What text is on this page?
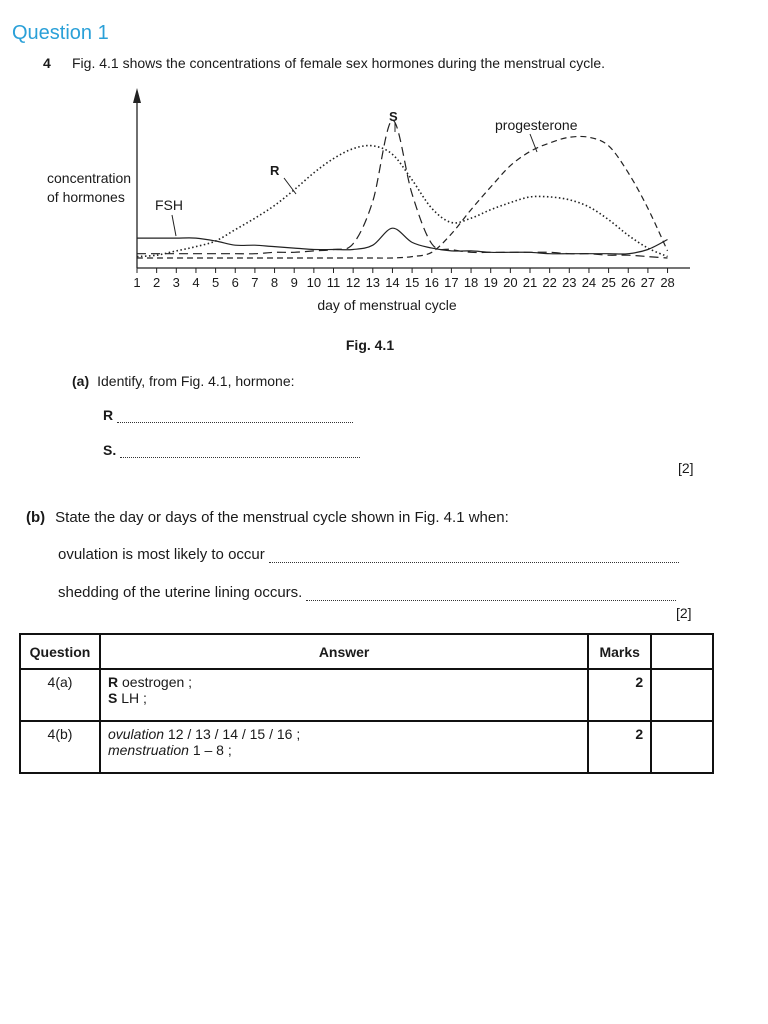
Question 1
4 Fig. 4.1 shows the concentrations of female sex hormones during the menstrual cycle.
1 2 3 4 5 6 7 8 9 10 11 12 13 14 15 16 17 18 19 20 21 22 23 24 25 26 27 28
concentration
of hormones FSH
R
S
progesterone
day of menstrual cycle
Fig. 4.1
(a) Identify, from Fig. 4.1, hormone:
R
S.
[2]
(b) State the day or days of the menstrual cycle shown in Fig. 4.1 when:
ovulation is most likely to occur
shedding of the uterine lining occurs.
[2]
Question	Answer	Marks	
4(a)	R oestrogen ;
S LH ;	2	
4(b)	ovulation 12 / 13 / 14 / 15 / 16 ;
menstruation 1 – 8 ;	2	
